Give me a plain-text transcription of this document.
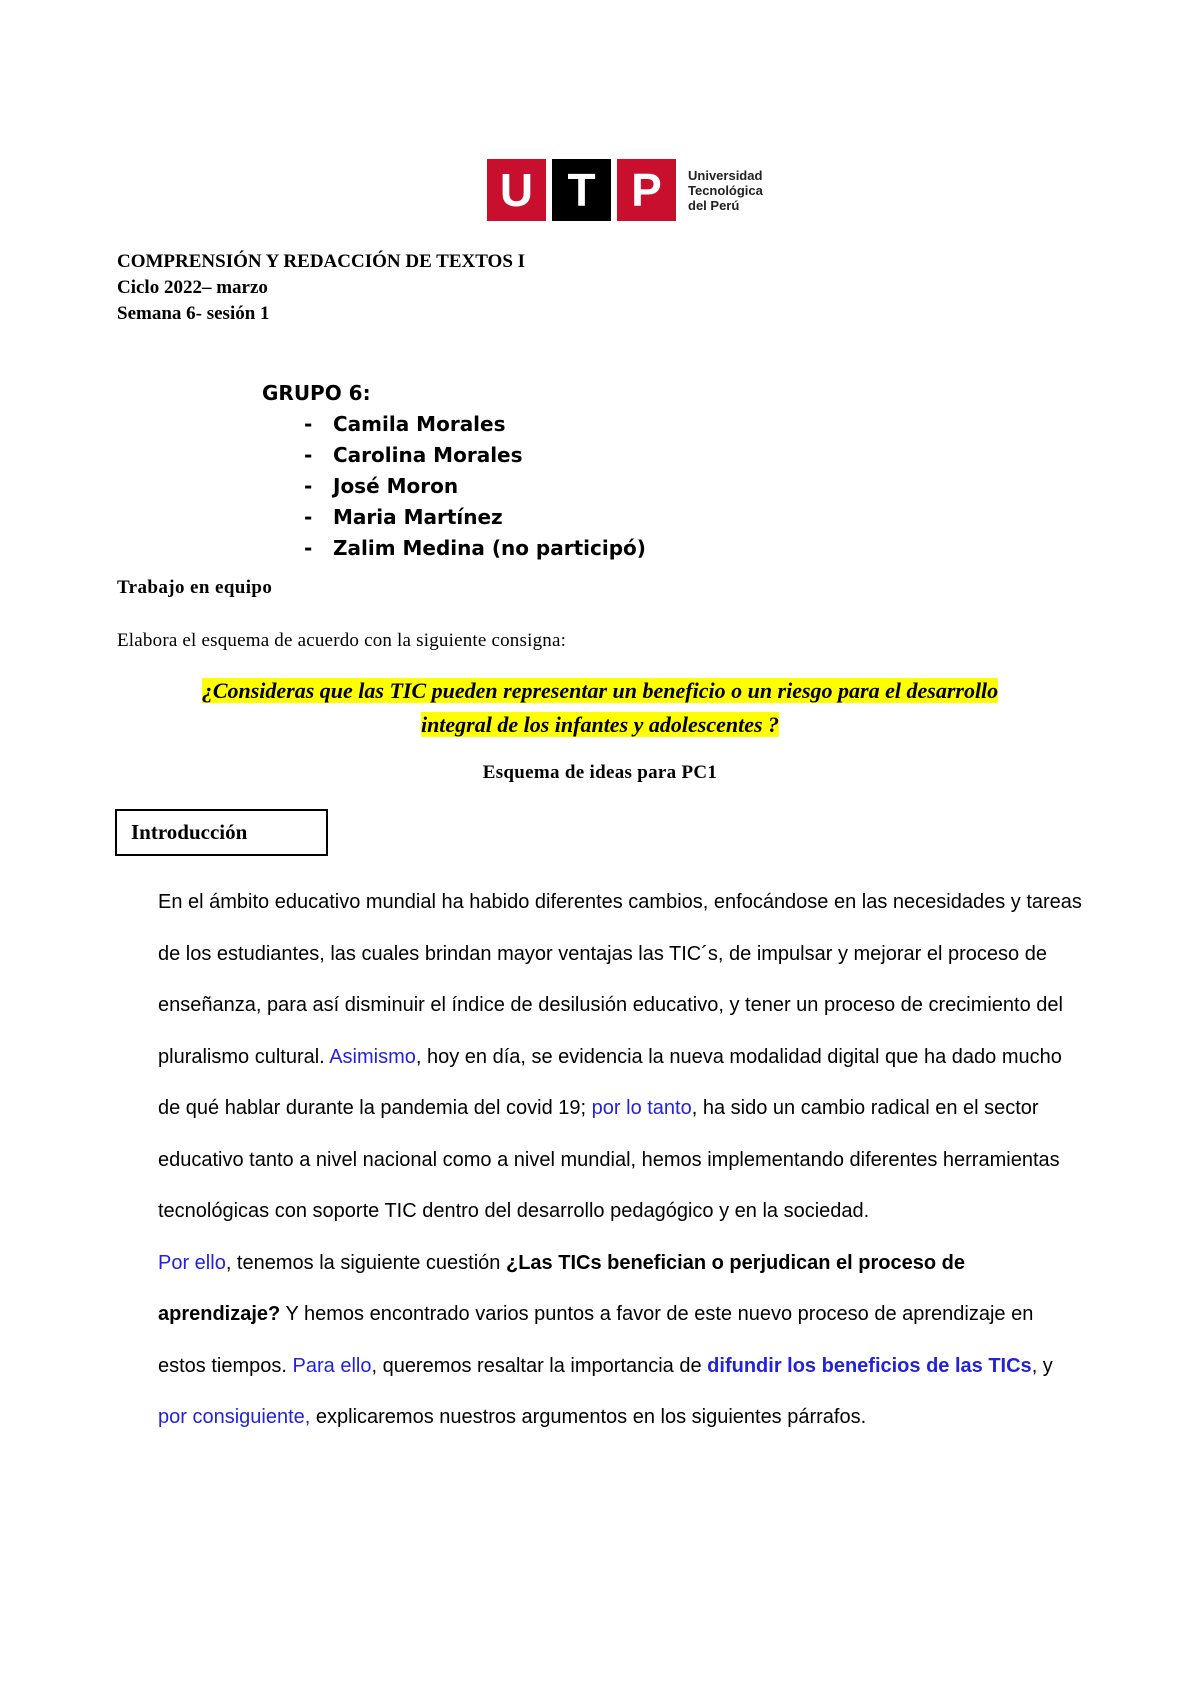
U T P	Universidad
Tecnológica
del Perú
COMPRENSIÓN Y REDACCIÓN DE TEXTOS I
Ciclo 2022– marzo
Semana 6- sesión 1
GRUPO 6:
-	Camila Morales
-	Carolina Morales
-	José Moron
-	Maria Martínez
-	Zalim Medina (no participó)
Trabajo en equipo
Elabora el esquema de acuerdo con la siguiente consigna:
¿Consideras que las TIC pueden representar un beneficio o un riesgo para el desarrollo
integral de los infantes y adolescentes ?
Esquema de ideas para PC1
Introducción

En el ámbito educativo mundial ha habido diferentes cambios, enfocándose en las necesidades y tareas de los estudiantes, las cuales brindan mayor ventajas las TIC´s, de impulsar y mejorar el proceso de enseñanza, para así disminuir el índice de desilusión educativo, y tener un proceso de crecimiento del pluralismo cultural. Asimismo, hoy en día, se evidencia la nueva modalidad digital que ha dado mucho de qué hablar durante la pandemia del covid 19; por lo tanto, ha sido un cambio radical en el sector educativo tanto a nivel nacional como a nivel mundial, hemos implementando diferentes herramientas tecnológicas con soporte TIC dentro del desarrollo pedagógico y en la sociedad.

Por ello, tenemos la siguiente cuestión ¿Las TICs benefician o perjudican el proceso de aprendizaje? Y hemos encontrado varios puntos a favor de este nuevo proceso de aprendizaje en estos tiempos. Para ello, queremos resaltar la importancia de difundir los beneficios de las TICs, y por consiguiente, explicaremos nuestros argumentos en los siguientes párrafos.
